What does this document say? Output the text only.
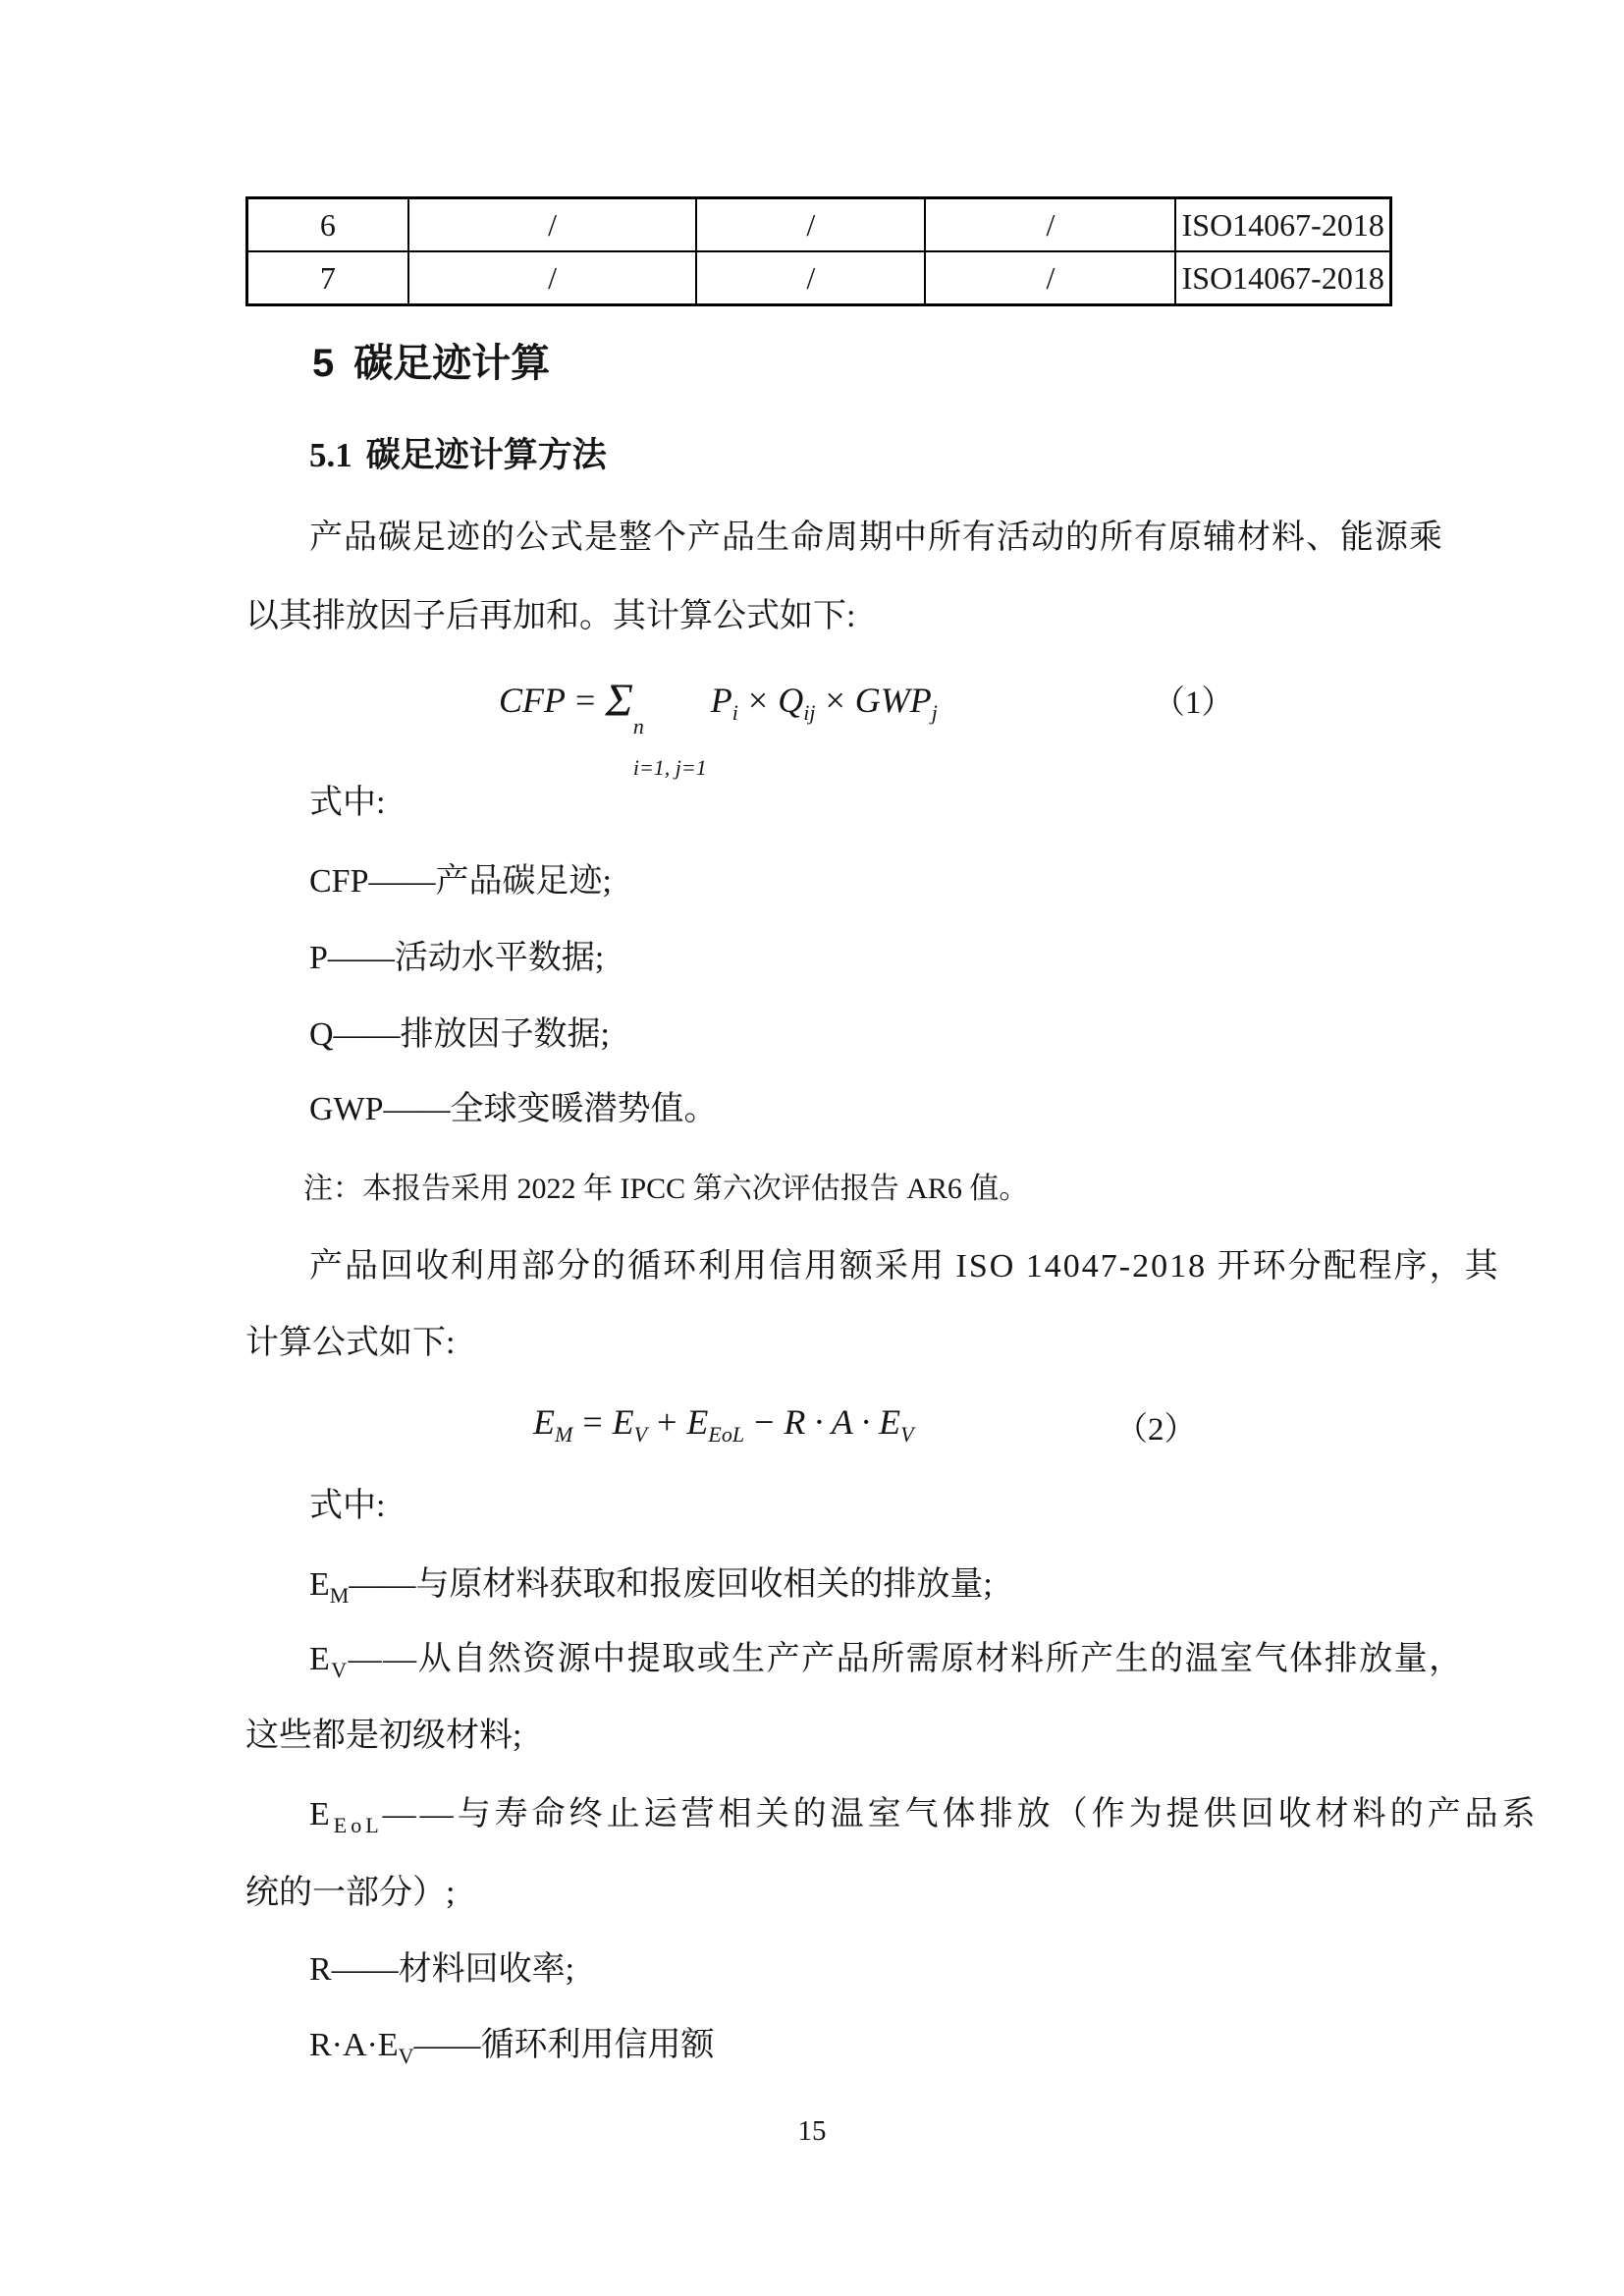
6	/	/	/	ISO14067-2018
7	/	/	/	ISO14067-2018
5 碳足迹计算
5.1 碳足迹计算方法
产品碳足迹的公式是整个产品生命周期中所有活动的所有原辅材料、能源乘
以其排放因子后再加和。其计算公式如下:
CFP = Σ n
i=1, j=1
$P_i \times Q_{ij} \times GWP_j$	（1）
式中:
CFP——产品碳足迹;
P——活动水平数据;
Q——排放因子数据;
GWP——全球变暖潜势值。
注：本报告采用 2022 年 IPCC 第六次评估报告 AR6 值。
产品回收利用部分的循环利用信用额采用 ISO 14047-2018 开环分配程序，其
计算公式如下:
$E_M = E_V + E_{EoL} - R \cdot A \cdot E_V$	（2）
式中:
$E_M——$与原材料获取和报废回收相关的排放量;
$E_V——$从自然资源中提取或生产产品所需原材料所产生的温室气体排放量，
这些都是初级材料;
$E_{EoL}——$与寿命终止运营相关的温室气体排放（作为提供回收材料的产品系
统的一部分）;
R——材料回收率;
$R\cdot A\cdot E_V——$循环利用信用额
15
